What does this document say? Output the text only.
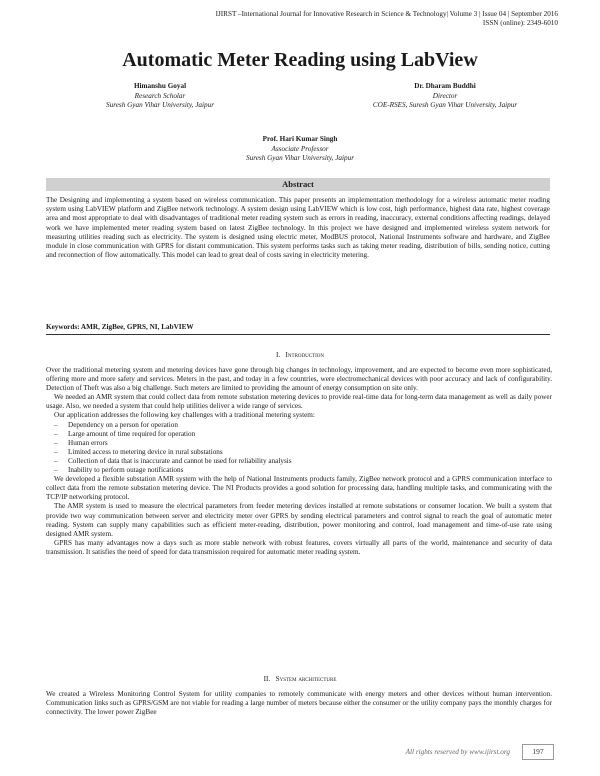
IJIRST –International Journal for Innovative Research in Science & Technology| Volume 3 | Issue 04 | September 2016
ISSN (online): 2349-6010
Automatic Meter Reading using LabView
Himanshu Goyal
Research Scholar
Suresh Gyan Vihar University, Jaipur
Dr. Dharam Buddhi
Director
COE-RSES, Suresh Gyan Vihar University, Jaipur
Prof. Hari Kumar Singh
Associate Professor
Suresh Gyan Vihar University, Jaipur
Abstract

The Designing and implementing a system based on wireless communication. This paper presents an implementation methodology for a wireless automatic meter reading system using LabVIEW platform and ZigBee network technology. A system design using LabVIEW which is low cost, high performance, highest data rate, highest coverage area and most appropriate to deal with disadvantages of traditional meter reading system such as errors in reading, inaccuracy, external conditions affecting readings, delayed work we have implemented meter reading system based on latest ZigBee technology. In this project we have designed and implemented wireless system network for measuring utilities reading such as electricity. The system is designed using electric meter, ModBUS protocol, National Instruments software and hardware, and ZigBee module in close communication with GPRS for distant communication. This system performs tasks such as taking meter reading, distribution of bills, sending notice, cutting and reconnection of flow automatically. This model can lead to great deal of costs saving in electricity metering.

Keywords: AMR, ZigBee, GPRS, NI, LabVIEW
I. Introduction

Over the traditional metering system and metering devices have gone through big changes in technology, improvement, and are expected to become even more sophisticated, offering more and more safety and services. Meters in the past, and today in a few countries, were electromechanical devices with poor accuracy and lack of configurability. Detection of Theft was also a big challenge. Such meters are limited to providing the amount of energy consumption on site only.

We needed an AMR system that could collect data from remote substation metering devices to provide real-time data for long-term data management as well as daily power usage. Also, we needed a system that could help utilities deliver a wide range of services.

Our application addresses the following key challenges with a traditional metering system:

– Dependency on a person for operation
– Large amount of time required for operation
– Human errors
– Limited access to metering device in rural substations
– Collection of data that is inaccurate and cannot be used for reliability analysis
– Inability to perform outage notifications

We developed a flexible substation AMR system with the help of National Instruments products family, ZigBee network protocol and a GPRS communication interface to collect data from the remote substation metering device. The NI Products provides a good solution for processing data, handling multiple tasks, and communicating with the TCP/IP networking protocol.

The AMR system is used to measure the electrical parameters from feeder metering devices installed at remote substations or consumer location. We built a system that provide two way communication between server and electricity meter over GPRS by sending electrical parameters and control signal to reach the goal of automatic meter reading. System can supply many capabilities such as efficient meter-reading, distribution, power monitoring and control, load management and time-of-use rate using designed AMR system.

GPRS has many advantages now a days such as more stable network with robust features, covers virtually all parts of the world, maintenance and security of data transmission. It satisfies the need of speed for data transmission required for automatic meter reading system.

II. System architecture

We created a Wireless Monitoring Control System for utility companies to remotely communicate with energy meters and other devices without human intervention. Communication links such as GPRS/GSM are not viable for reading a large number of meters because either the consumer or the utility company pays the monthly charges for connectivity. The lower power ZigBee

All rights reserved by www.ijirst.org	197
